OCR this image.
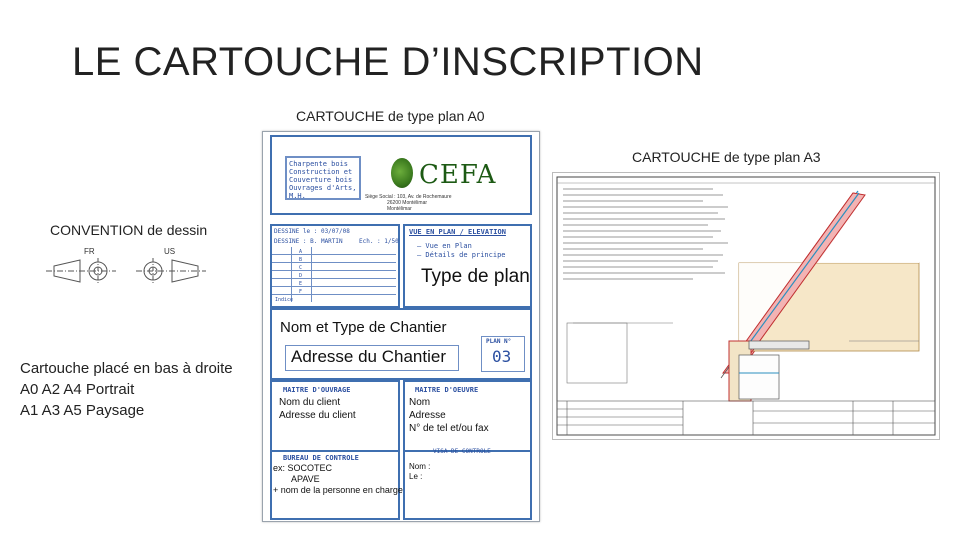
LE CARTOUCHE D’INSCRIPTION
CARTOUCHE de type plan A0
CARTOUCHE de type plan A3
CONVENTION de dessin
FR	US
Cartouche placé en bas à droite
A0 A2 A4 Portrait
A1 A3 A5 Paysage
Charpente bois
Construction et
Couverture bois
Ouvrages d'Arts, M.H.
CEFA
Siège Social : 103, Av. de Rochemaure
26200 Montélimar
Montélimar
DESSINE le : 03/07/08
DESSINE : B. MARTIN	Ech. : 1/50
A
B
C
D
E
F
Indice
VUE EN PLAN / ELEVATION
– Vue en Plan
– Détails de principe
Type de plan
Nom et Type de Chantier
Adresse du Chantier
PLAN N°
03
MAITRE D'OUVRAGE
Nom du client
Adresse du client
MAITRE D'OEUVRE
Nom
Adresse
N° de tel et/ou fax
BUREAU DE CONTROLE
ex: SOCOTEC
APAVE
+ nom de la personne en charge
VISA DE CONTROLE
Nom :
Le :
